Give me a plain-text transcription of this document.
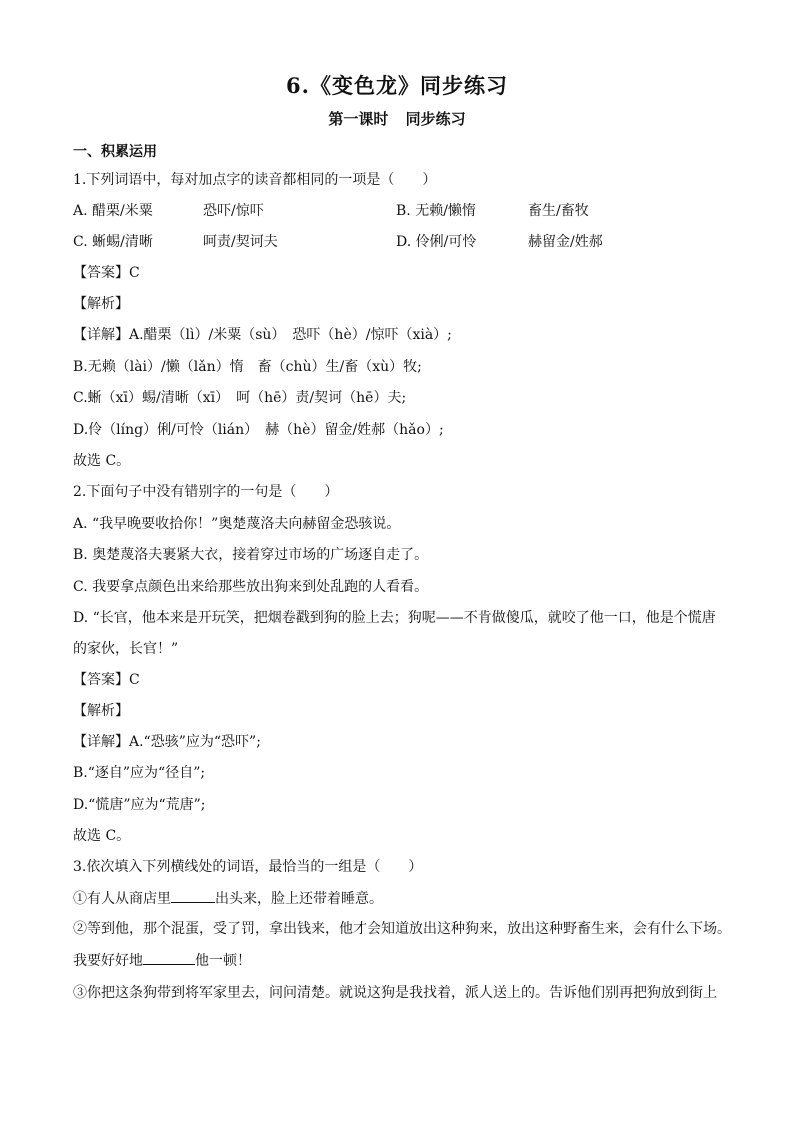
6.《变色龙》同步练习
第一课时 同步练习
一、积累运用
1.下列词语中，每对加点字的读音都相同的一项是（　　）
A. 醋栗/米粟	恐吓/惊吓	B. 无赖/懒惰	畜生/畜牧
C. 蜥蜴/清晰	呵责/契诃夫	D. 伶俐/可怜	赫留金/姓郝
【答案】C
【解析】
【详解】A.醋栗（lì）/米粟（sù）　恐吓（hè）/惊吓（xià）;
B.无赖（lài）/懒（lǎn）惰　畜（chù）生/畜（xù）牧;
C.蜥（xī）蜴/清晰（xī）　呵（hē）责/契诃（hē）夫;
D.伶（líng）俐/可怜（lián）　赫（hè）留金/姓郝（hǎo）;
故选 C。
2.下面句子中没有错别字的一句是（　　）
A. “我早晚要收拾你！”奥楚蔑洛夫向赫留金恐骇说。
B. 奥楚蔑洛夫裹紧大衣，接着穿过市场的广场逐自走了。
C. 我要拿点颜色出来给那些放出狗来到处乱跑的人看看。
D. “长官，他本来是开玩笑，把烟卷戳到狗的脸上去；狗呢——不肯做傻瓜，就咬了他一口，他是个慌唐
的家伙，长官！”
【答案】C
【解析】
【详解】A.“恐骇”应为“恐吓”;
B.“逐自”应为“径自”;
D.“慌唐”应为“荒唐”;
故选 C。
3.依次填入下列横线处的词语，最恰当的一组是（　　）
①有人从商店里	出头来，脸上还带着睡意。
②等到他，那个混蛋，受了罚，拿出钱来，他才会知道放出这种狗来，放出这种野畜生来，会有什么下场。
我要好好地	他一顿！
③你把这条狗带到将军家里去，问问清楚。就说这狗是我找着，派人送上的。告诉他们别再把狗放到街上
